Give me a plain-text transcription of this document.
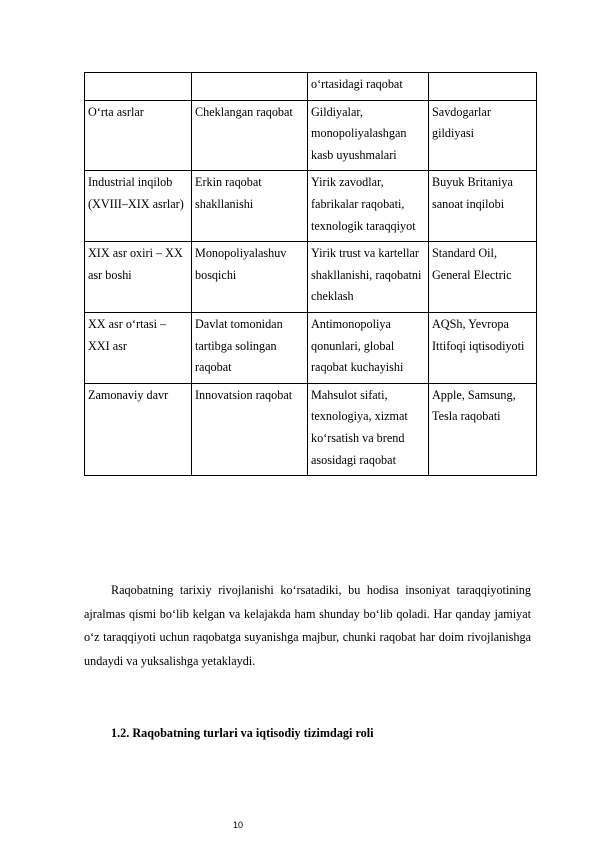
		o‘rtasidagi raqobat	
O‘rta asrlar	Cheklangan raqobat	Gildiyalar, monopoliyalashgan kasb uyushmalari	Savdogarlar gildiyasi
Industrial inqilob (XVIII–XIX asrlar)	Erkin raqobat shakllanishi	Yirik zavodlar, fabrikalar raqobati, texnologik taraqqiyot	Buyuk Britaniya sanoat inqilobi
XIX asr oxiri – XX asr boshi	Monopoliyalashuv bosqichi	Yirik trust va kartellar shakllanishi, raqobatni cheklash	Standard Oil, General Electric
XX asr o‘rtasi – XXI asr	Davlat tomonidan tartibga solingan raqobat	Antimonopoliya qonunlari, global raqobat kuchayishi	AQSh, Yevropa Ittifoqi iqtisodiyoti
Zamonaviy davr	Innovatsion raqobat	Mahsulot sifati, texnologiya, xizmat ko‘rsatish va brend asosidagi raqobat	Apple, Samsung, Tesla raqobati

Raqobatning tarixiy rivojlanishi ko‘rsatadiki, bu hodisa insoniyat taraqqiyotining ajralmas qismi bo‘lib kelgan va kelajakda ham shunday bo‘lib qoladi. Har qanday jamiyat o‘z taraqqiyoti uchun raqobatga suyanishga majbur, chunki raqobat har doim rivojlanishga undaydi va yuksalishga yetaklaydi.

1.2. Raqobatning turlari va iqtisodiy tizimdagi roli

10
